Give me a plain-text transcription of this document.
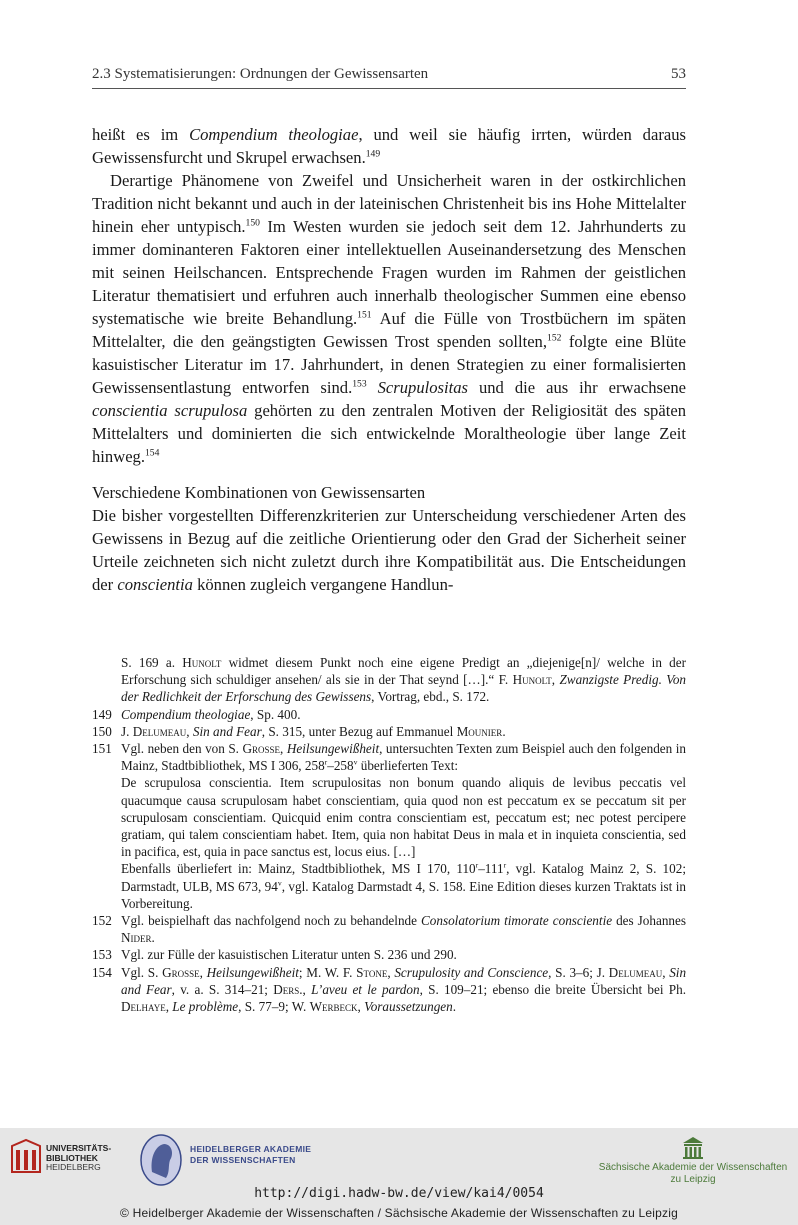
2.3 Systematisierungen: Ordnungen der Gewissensarten	53

heißt es im Compendium theologiae, und weil sie häufig irrten, würden daraus Gewissensfurcht und Skrupel erwachsen.$^{149}$

Derartige Phänomene von Zweifel und Unsicherheit waren in der ostkirchlichen Tradition nicht bekannt und auch in der lateinischen Christenheit bis ins Hohe Mittelalter hinein eher untypisch.$^{150}$ Im Westen wurden sie jedoch seit dem 12. Jahrhunderts zu immer dominanteren Faktoren einer intellektuellen Auseinandersetzung des Menschen mit seinen Heilschancen. Entsprechende Fragen wurden im Rahmen der geistlichen Literatur thematisiert und erfuhren auch innerhalb theologischer Summen eine ebenso systematische wie breite Behandlung.$^{151}$ Auf die Fülle von Trostbüchern im späten Mittelalter, die den geängstigten Gewissen Trost spenden sollten,$^{152}$ folgte eine Blüte kasuistischer Literatur im 17. Jahrhundert, in denen Strategien zu einer formalisierten Gewissensentlastung entworfen sind.$^{153}$ Scrupulositas und die aus ihr erwachsene conscientia scrupulosa gehörten zu den zentralen Motiven der Religiosität des späten Mittelalters und dominierten die sich entwickelnde Moraltheologie über lange Zeit hinweg.$^{154}$

Verschiedene Kombinationen von Gewissensarten

Die bisher vorgestellten Differenzkriterien zur Unterscheidung verschiedener Arten des Gewissens in Bezug auf die zeitliche Orientierung oder den Grad der Sicherheit seiner Urteile zeichneten sich nicht zuletzt durch ihre Kompatibilität aus. Die Entscheidungen der conscientia können zugleich vergangene Handlun-

S. 169 a. Hunolt widmet diesem Punkt noch eine eigene Predigt an „diejenige[n]/ welche in der Erforschung sich schuldiger ansehen/ als sie in der That seynd […].“ F. Hunolt, Zwanzigste Predig. Von der Redlichkeit der Erforschung des Gewissens, Vortrag, ebd., S. 172.

149 Compendium theologiae, Sp. 400.

150 J. Delumeau, Sin and Fear, S. 315, unter Bezug auf Emmanuel Mounier.

151 Vgl. neben den von S. Grosse, Heilsungewißheit, untersuchten Texten zum Beispiel auch den folgenden in Mainz, Stadtbibliothek, MS I 306, 258$^r$–258$^v$ überlieferten Text:

De scrupulosa conscientia. Item scrupulositas non bonum quando aliquis de levibus peccatis vel quacumque causa scrupulosam habet conscientiam, quia quod non est peccatum ex se peccatum sit per scrupulosam conscientiam. Quicquid enim contra conscientiam est, peccatum est; nec potest percipere gratiam, qui talem conscientiam habet. Item, quia non habitat Deus in mala et in inquieta conscientia, sed in pacifica, est, quia in pace sanctus est, locus eius. […]

Ebenfalls überliefert in: Mainz, Stadtbibliothek, MS I 170, 110$^r$–111$^r$, vgl. Katalog Mainz 2, S. 102; Darmstadt, ULB, MS 673, 94$^v$, vgl. Katalog Darmstadt 4, S. 158. Eine Edition dieses kurzen Traktats ist in Vorbereitung.

152 Vgl. beispielhaft das nachfolgend noch zu behandelnde Consolatorium timorate conscientie des Johannes Nider.

153 Vgl. zur Fülle der kasuistischen Literatur unten S. 236 und 290.

154 Vgl. S. Grosse, Heilsungewißheit; M. W. F. Stone, Scrupulosity and Conscience, S. 3–6; J. Delumeau, Sin and Fear, v. a. S. 314–21; Ders., L’aveu et le pardon, S. 109–21; ebenso die breite Übersicht bei Ph. Delhaye, Le problème, S. 77–9; W. Werbeck, Voraussetzungen.

UNIVERSITÄTS-
BIBLIOTHEK
HEIDELBERG
HEIDELBERGER AKADEMIE
DER WISSENSCHAFTEN
Sächsische Akademie der Wissenschaften
zu Leipzig
http://digi.hadw-bw.de/view/kai4/0054
© Heidelberger Akademie der Wissenschaften / Sächsische Akademie der Wissenschaften zu Leipzig
